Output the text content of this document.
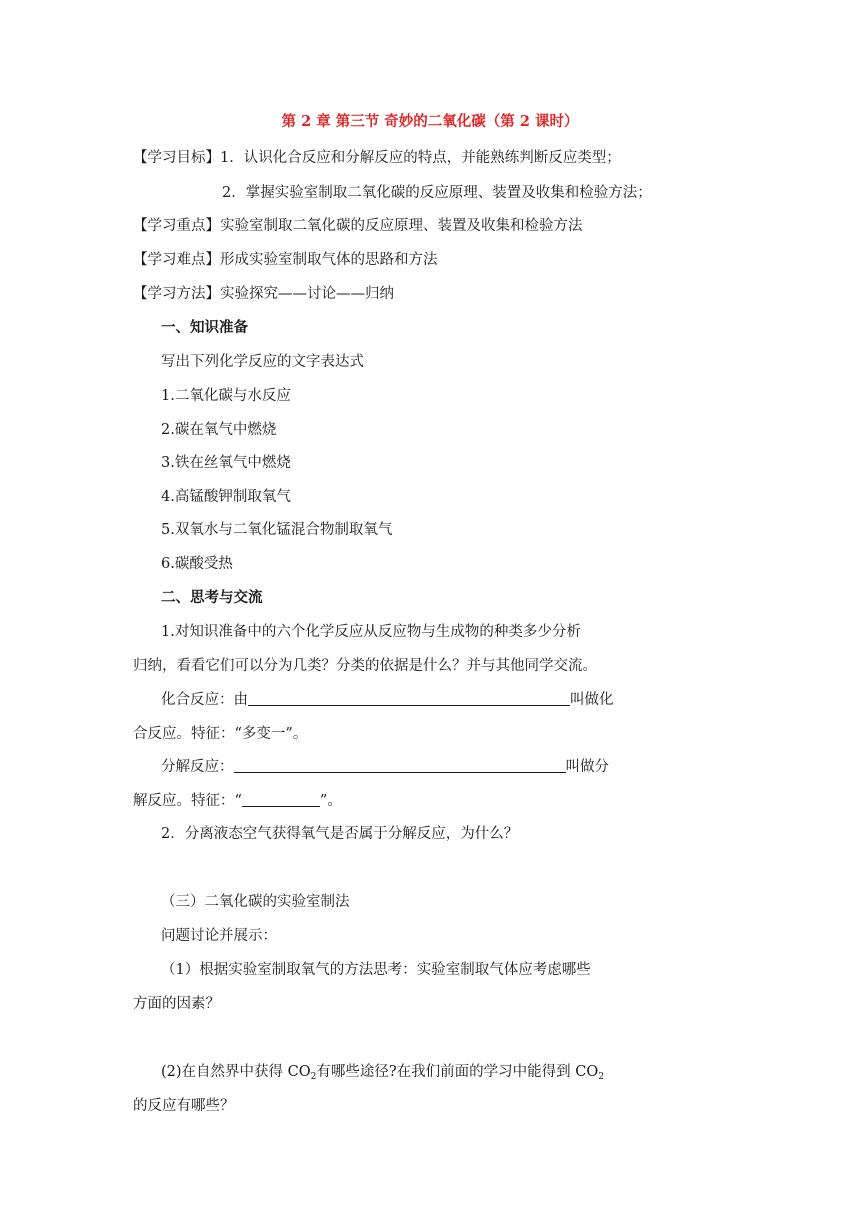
第 2 章 第三节 奇妙的二氧化碳（第 2 课时）
【学习目标】1．认识化合反应和分解反应的特点，并能熟练判断反应类型；
2．掌握实验室制取二氧化碳的反应原理、装置及收集和检验方法；
【学习重点】实验室制取二氧化碳的反应原理、装置及收集和检验方法
【学习难点】形成实验室制取气体的思路和方法
【学习方法】实验探究——讨论——归纳
一、知识准备
写出下列化学反应的文字表达式
1.二氧化碳与水反应
2.碳在氧气中燃烧
3.铁在丝氧气中燃烧
4.高锰酸钾制取氧气
5.双氧水与二氧化锰混合物制取氧气
6.碳酸受热
二、思考与交流
1.对知识准备中的六个化学反应从反应物与生成物的种类多少分析
归纳，看看它们可以分为几类？分类的依据是什么？并与其他同学交流。
化合反应：由	叫做化
合反应。特征：“多变一”。
分解反应：	叫做分
解反应。特征：“	”。
2．分离液态空气获得氧气是否属于分解反应，为什么？
（三）二氧化碳的实验室制法
问题讨论并展示：
（1）根据实验室制取氧气的方法思考：实验室制取气体应考虑哪些
方面的因素？
(2)在自然界中获得 $CO_2$有哪些途径?在我们前面的学习中能得到 $CO_2$
的反应有哪些？
